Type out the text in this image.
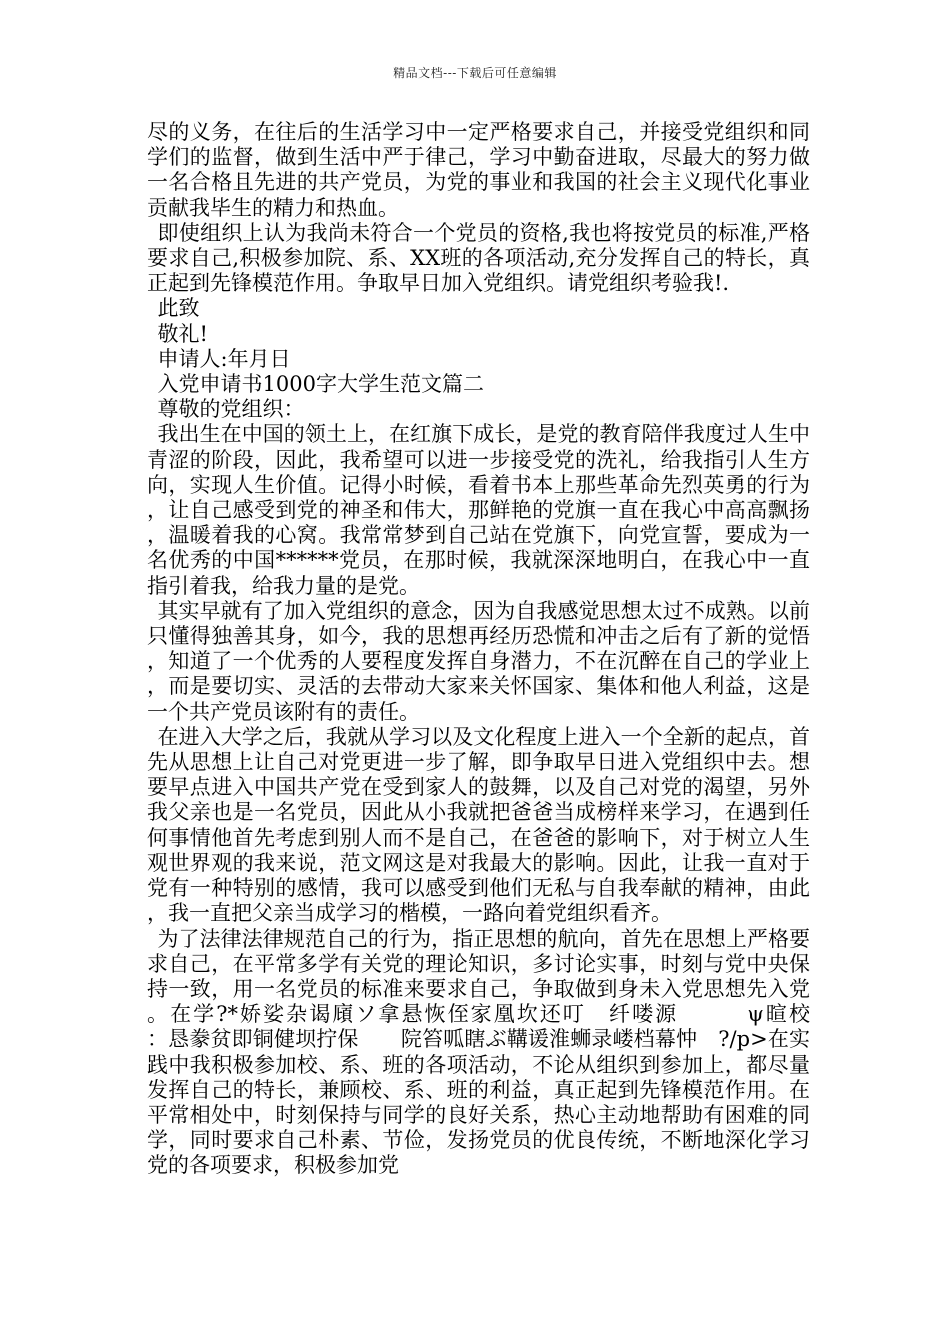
精品文档---下载后可任意编辑

尽的义务，在往后的生活学习中一定严格要求自己，并接受党组织和同学们的监督，做到生活中严于律己，学习中勤奋进取，尽最大的努力做一名合格且先进的共产党员，为党的事业和我国的社会主义现代化事业贡献我毕生的精力和热血。

即使组织上认为我尚未符合一个党员的资格,我也将按党员的标准,严格要求自己,积极参加院、系、XX班的各项活动,充分发挥自己的特长，真正起到先锋模范作用。争取早日加入党组织。请党组织考验我!.

此致

敬礼!

申请人:年月日

入党申请书1000字大学生范文篇二

尊敬的党组织：

我出生在中国的领土上，在红旗下成长，是党的教育陪伴我度过人生中青涩的阶段，因此，我希望可以进一步接受党的洗礼，给我指引人生方向，实现人生价值。记得小时候，看着书本上那些革命先烈英勇的行为，让自己感受到党的神圣和伟大，那鲜艳的党旗一直在我心中高高飘扬，温暖着我的心窝。我常常梦到自己站在党旗下，向党宣誓，要成为一名优秀的中国******党员，在那时候，我就深深地明白，在我心中一直指引着我，给我力量的是党。

其实早就有了加入党组织的意念，因为自我感觉思想太过不成熟。以前只懂得独善其身，如今，我的思想再经历恐慌和冲击之后有了新的觉悟，知道了一个优秀的人要程度发挥自身潜力，不在沉醉在自己的学业上，而是要切实、灵活的去带动大家来关怀国家、集体和他人利益，这是一个共产党员该附有的责任。

在进入大学之后，我就从学习以及文化程度上进入一个全新的起点，首先从思想上让自己对党更进一步了解，即争取早日进入党组织中去。想要早点进入中国共产党在受到家人的鼓舞，以及自己对党的渴望，另外我父亲也是一名党员，因此从小我就把爸爸当成榜样来学习，在遇到任何事情他首先考虑到别人而不是自己，在爸爸的影响下，对于树立人生观世界观的我来说，范文网这是对我最大的影响。因此，让我一直对于党有一种特别的感情，我可以感受到他们无私与自我奉献的精神，由此，我一直把父亲当成学习的楷模，一路向着党组织看齐。

为了法律法律规范自己的行为，指正思想的航向，首先在思想上严格要求自己，在平常多学有关党的理论知识，多讨论实事，时刻与党中央保持一致，用一名党员的标准来要求自己，争取做到身未入党思想先入党。在学?*娇娑杂谒廎ソ拿悬恢侄家凰坎还叮　纤喽源　　　ψ暄校　　：恳豢贫即铜健坝拧保　　院笞呱瞎ぶ鞲谖淮蛳录嵝档幕忡　?/p>在实践中我积极参加校、系、班的各项活动，不论从组织到参加上，都尽量发挥自己的特长，兼顾校、系、班的利益，真正起到先锋模范作用。在平常相处中，时刻保持与同学的良好关系，热心主动地帮助有困难的同学，同时要求自己朴素、节俭，发扬党员的优良传统，不断地深化学习党的各项要求，积极参加党
